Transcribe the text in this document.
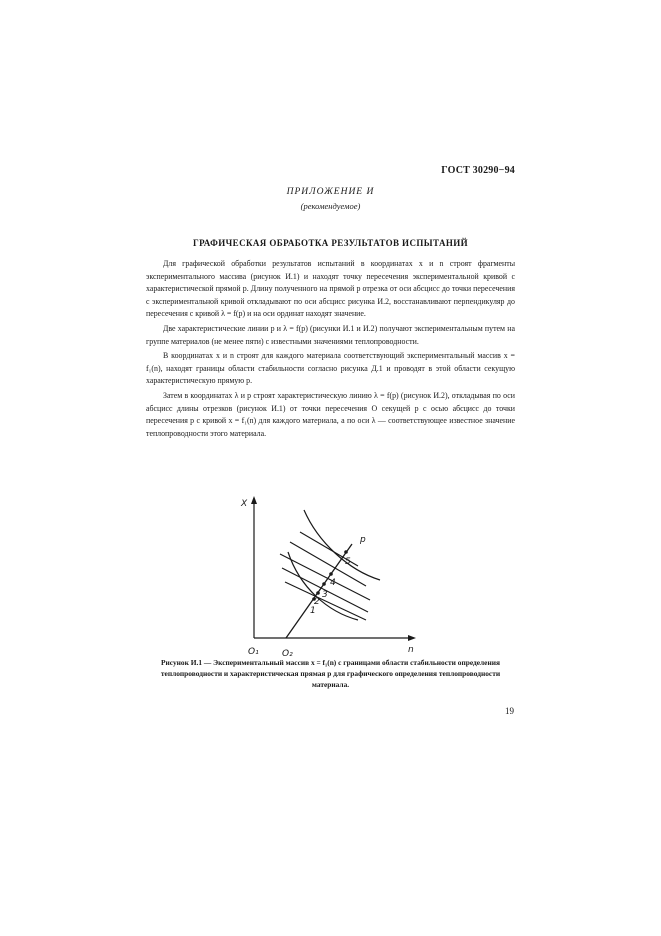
ГОСТ 30290−94
ПРИЛОЖЕНИЕ И
(рекомендуемое)
ГРАФИЧЕСКАЯ ОБРАБОТКА РЕЗУЛЬТАТОВ ИСПЫТАНИЙ

Для графической обработки результатов испытаний в координатах x и n строят фрагменты экспериментального массива (рисунок И.1) и находят точку пересечения экспериментальной кривой с характеристической прямой p. Длину полученного на прямой p отрезка от оси абсцисс до точки пересечения с экспериментальной кривой откладывают по оси абсцисс рисунка И.2, восстанавливают перпендикуляр до пересечения с кривой λ = f(p) и на оси ординат находят значение.

Две характеристические линии p и λ = f(p) (рисунки И.1 и И.2) получают экспериментальным путем на группе материалов (не менее пяти) с известными значениями теплопроводности.

В координатах x и n строят для каждого материала соответствующий экспериментальный массив x = f₁(n), находят границы области стабильности согласно рисунка Д.1 и проводят в этой области секущую характеристическую прямую p.

Затем в координатах λ и p строят характеристическую линию λ = f(p) (рисунок И.2), откладывая по оси абсцисс длины отрезков (рисунок И.1) от точки пересечения О секущей p с осью абсцисс до точки пересечения p с кривой x = f₁(n) для каждого материала, а по оси λ — соответствующее известное значение теплопроводности этого материала.

X
n
O₁	O₂
p
1
2
3
4
5
Рисунок И.1 — Экспериментальный массив x = f₁(n) с границами области стабильности определения теплопроводности и характеристическая прямая p для графического определения теплопроводности материала.
19
